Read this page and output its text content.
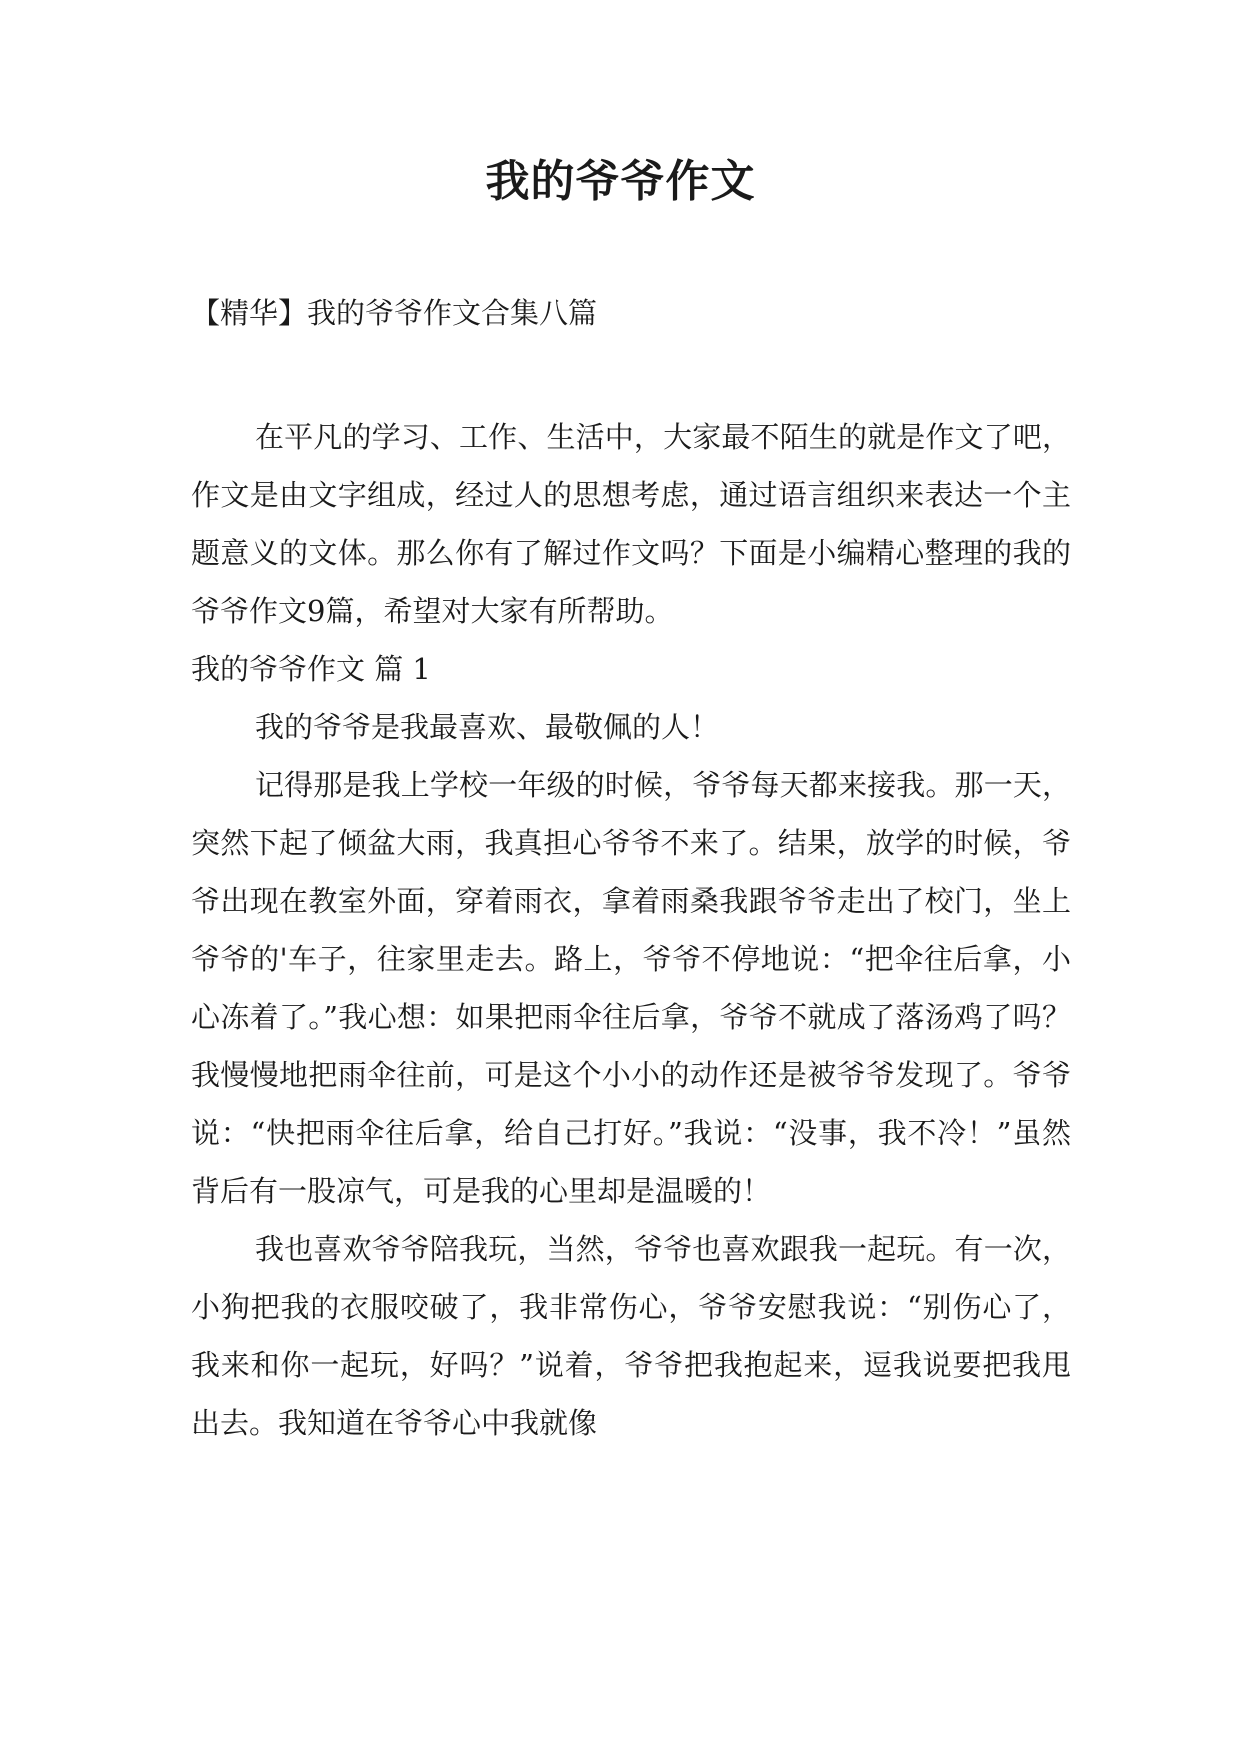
我的爷爷作文
【精华】我的爷爷作文合集八篇

在平凡的学习、工作、生活中，大家最不陌生的就是作文了吧，作文是由文字组成，经过人的思想考虑，通过语言组织来表达一个主题意义的文体。那么你有了解过作文吗？下面是小编精心整理的我的爷爷作文9篇，希望对大家有所帮助。

我的爷爷作文 篇 1

我的爷爷是我最喜欢、最敬佩的人！

记得那是我上学校一年级的时候，爷爷每天都来接我。那一天，突然下起了倾盆大雨，我真担心爷爷不来了。结果，放学的时候，爷爷出现在教室外面，穿着雨衣，拿着雨桑我跟爷爷走出了校门，坐上爷爷的'车子，往家里走去。路上，爷爷不停地说：“把伞往后拿，小心冻着了。”我心想：如果把雨伞往后拿，爷爷不就成了落汤鸡了吗？我慢慢地把雨伞往前，可是这个小小的动作还是被爷爷发现了。爷爷说：“快把雨伞往后拿，给自己打好。”我说：“没事，我不冷！”虽然背后有一股凉气，可是我的心里却是温暖的！

我也喜欢爷爷陪我玩，当然，爷爷也喜欢跟我一起玩。有一次，小狗把我的衣服咬破了，我非常伤心，爷爷安慰我说：“别伤心了，我来和你一起玩，好吗？”说着，爷爷把我抱起来，逗我说要把我甩出去。我知道在爷爷心中我就像
